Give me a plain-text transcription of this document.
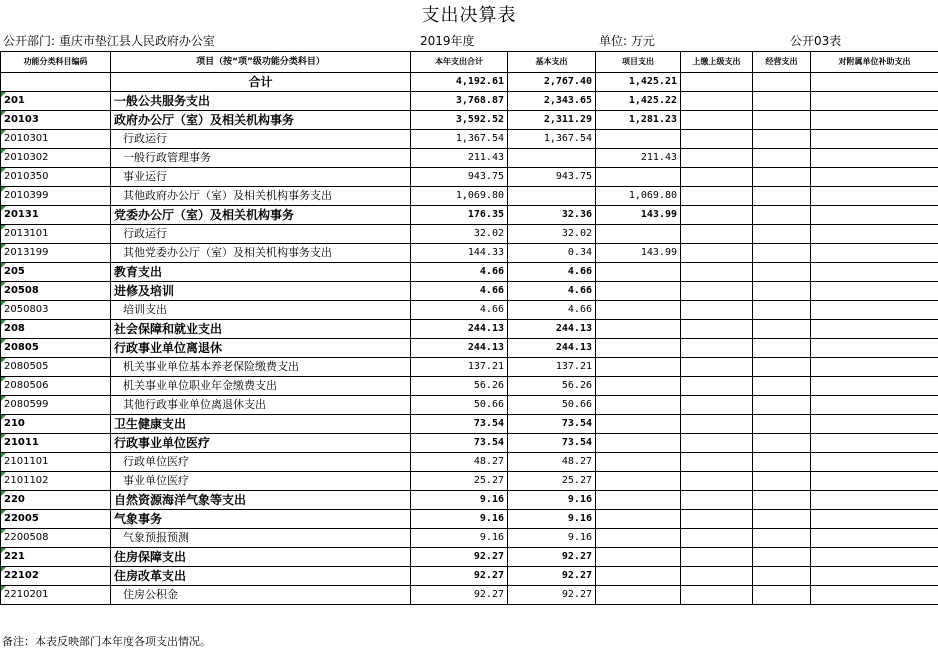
支出决算表
公开部门: 重庆市垫江县人民政府办公室	2019年度	单位: 万元	公开03表
功能分类科目编码	项目（按“项”级功能分类科目）	本年支出合计	基本支出	项目支出	上缴上级支出	经营支出	对附属单位补助支出
	合计	4,192.61	2,767.40	1,425.21			
201	一般公共服务支出	3,768.87	2,343.65	1,425.22			
20103	政府办公厅（室）及相关机构事务	3,592.52	2,311.29	1,281.23			
2010301	行政运行	1,367.54	1,367.54				
2010302	一般行政管理事务	211.43		211.43			
2010350	事业运行	943.75	943.75				
2010399	其他政府办公厅（室）及相关机构事务支出	1,069.80		1,069.80			
20131	党委办公厅（室）及相关机构事务	176.35	32.36	143.99			
2013101	行政运行	32.02	32.02				
2013199	其他党委办公厅（室）及相关机构事务支出	144.33	0.34	143.99			
205	教育支出	4.66	4.66				
20508	进修及培训	4.66	4.66				
2050803	培训支出	4.66	4.66				
208	社会保障和就业支出	244.13	244.13				
20805	行政事业单位离退休	244.13	244.13				
2080505	机关事业单位基本养老保险缴费支出	137.21	137.21				
2080506	机关事业单位职业年金缴费支出	56.26	56.26				
2080599	其他行政事业单位离退休支出	50.66	50.66				
210	卫生健康支出	73.54	73.54				
21011	行政事业单位医疗	73.54	73.54				
2101101	行政单位医疗	48.27	48.27				
2101102	事业单位医疗	25.27	25.27				
220	自然资源海洋气象等支出	9.16	9.16				
22005	气象事务	9.16	9.16				
2200508	气象预报预测	9.16	9.16				
221	住房保障支出	92.27	92.27				
22102	住房改革支出	92.27	92.27				
2210201	住房公积金	92.27	92.27				
备注：本表反映部门本年度各项支出情况。
